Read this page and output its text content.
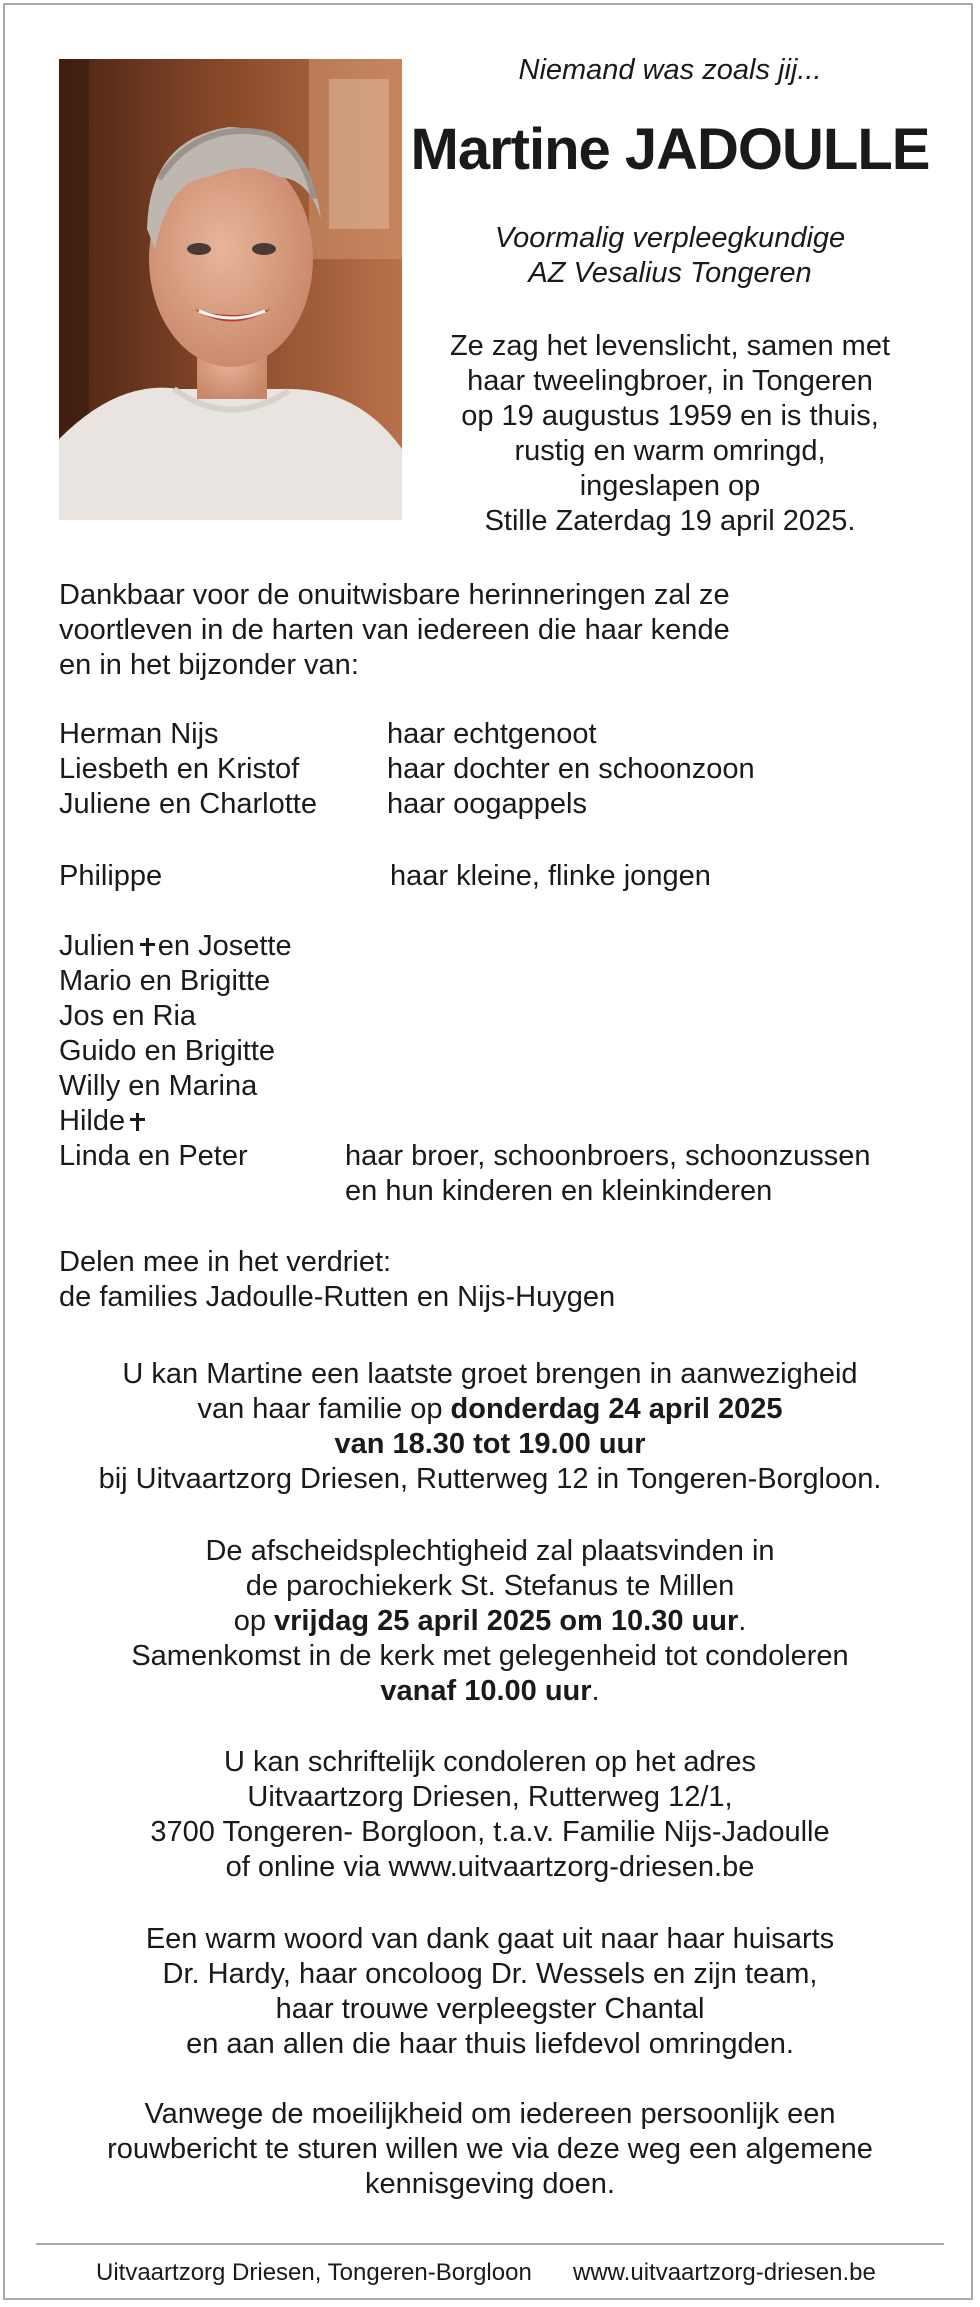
Niemand was zoals jij...
Martine JADOULLE
Voormalig verpleegkundige
AZ Vesalius Tongeren
Ze zag het levenslicht, samen met
haar tweelingbroer, in Tongeren
op 19 augustus 1959 en is thuis,
rustig en warm omringd,
ingeslapen op
Stille Zaterdag 19 april 2025.
Dankbaar voor de onuitwisbare herinneringen zal ze
voortleven in de harten van iedereen die haar kende
en in het bijzonder van:
Herman Nijs
Liesbeth en Kristof
Juliene en Charlotte
haar echtgenoot
haar dochter en schoonzoon
haar oogappels
Philippe	haar kleine, flinke jongen
Julien en Josette
Mario en Brigitte
Jos en Ria
Guido en Brigitte
Willy en Marina
Hilde
Linda en Peter	haar broer, schoonbroers, schoonzussen
en hun kinderen en kleinkinderen
Delen mee in het verdriet:
de families Jadoulle-Rutten en Nijs-Huygen
U kan Martine een laatste groet brengen in aanwezigheid
van haar familie op donderdag 24 april 2025
van 18.30 tot 19.00 uur
bij Uitvaartzorg Driesen, Rutterweg 12 in Tongeren-Borgloon.
De afscheidsplechtigheid zal plaatsvinden in
de parochiekerk St. Stefanus te Millen
op vrijdag 25 april 2025 om 10.30 uur.
Samenkomst in de kerk met gelegenheid tot condoleren
vanaf 10.00 uur.
U kan schriftelijk condoleren op het adres
Uitvaartzorg Driesen, Rutterweg 12/1,
3700 Tongeren- Borgloon, t.a.v. Familie Nijs-Jadoulle
of online via www.uitvaartzorg-driesen.be
Een warm woord van dank gaat uit naar haar huisarts
Dr. Hardy, haar oncoloog Dr. Wessels en zijn team,
haar trouwe verpleegster Chantal
en aan allen die haar thuis liefdevol omringden.
Vanwege de moeilijkheid om iedereen persoonlijk een
rouwbericht te sturen willen we via deze weg een algemene
kennisgeving doen.
Uitvaartzorg Driesen, Tongeren-Borgloon www.uitvaartzorg-driesen.be
